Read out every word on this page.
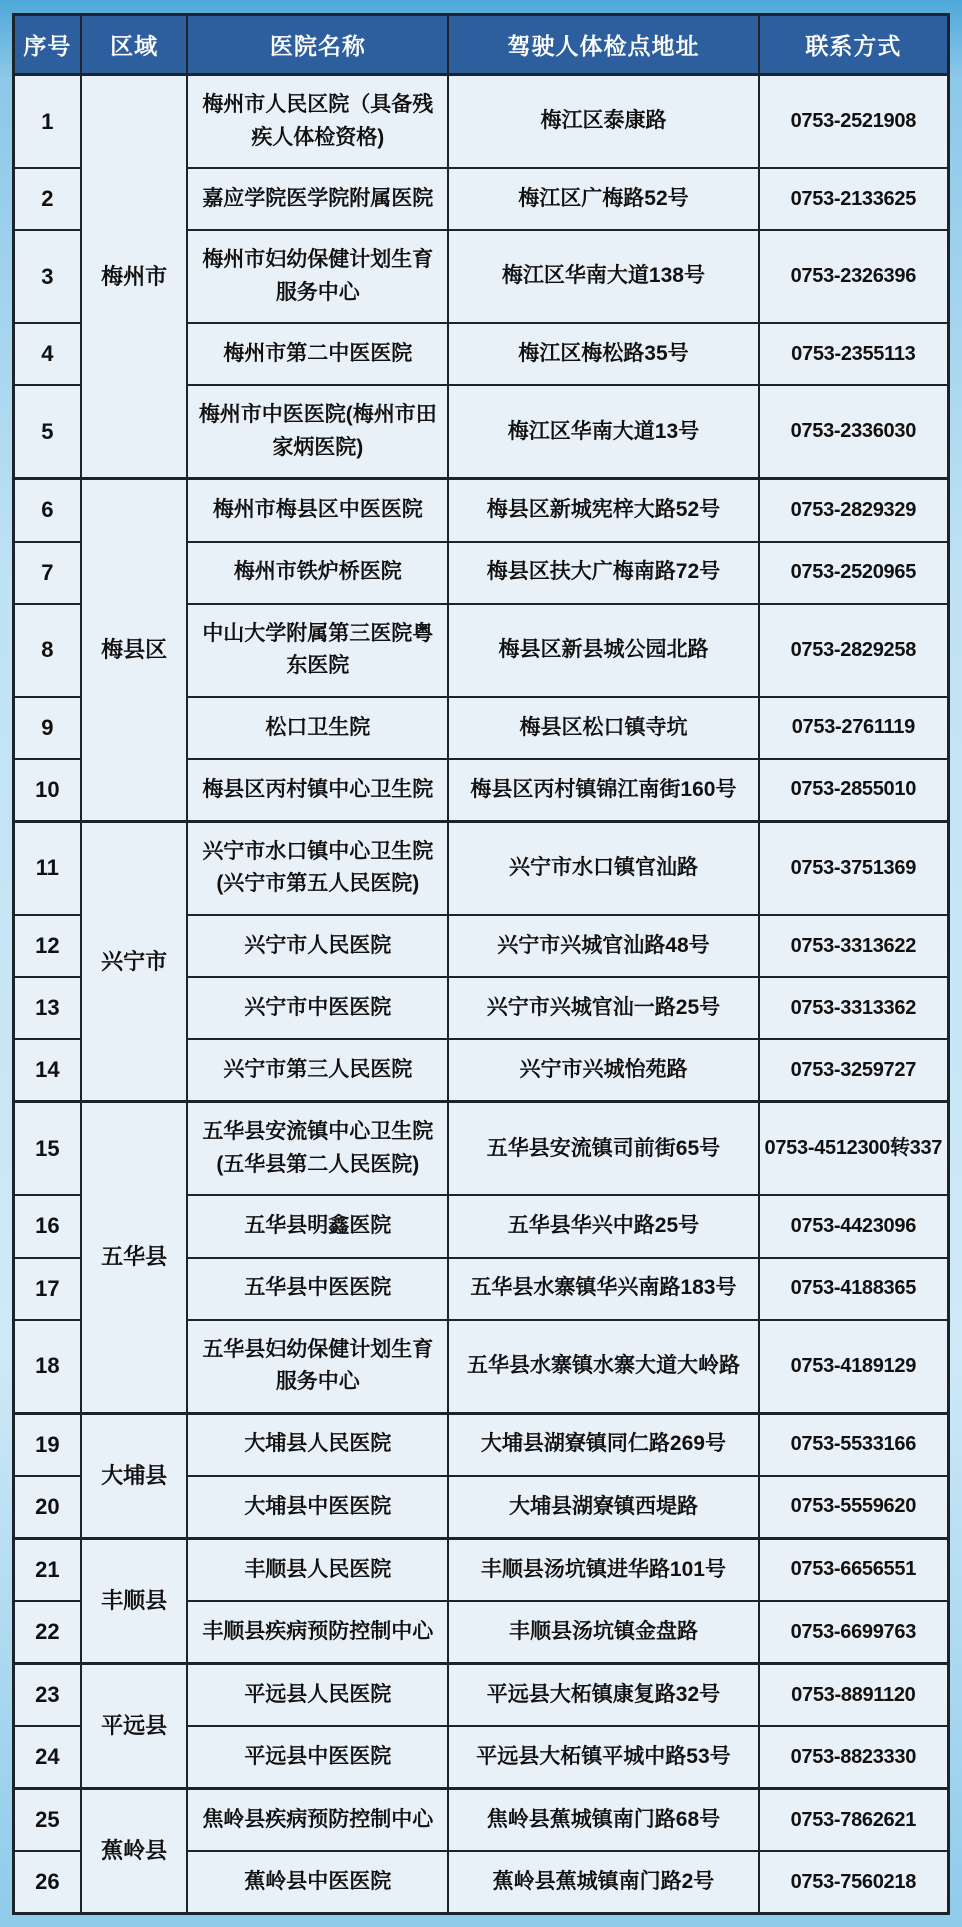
序号	区域	医院名称	驾驶人体检点地址	联系方式
1	梅州市	梅州市人民区院（具备残疾人体检资格)	梅江区泰康路	0753-2521908
2		嘉应学院医学院附属医院	梅江区广梅路52号	0753-2133625
3		梅州市妇幼保健计划生育服务中心	梅江区华南大道138号	0753-2326396
4		梅州市第二中医医院	梅江区梅松路35号	0753-2355113
5		梅州市中医医院(梅州市田家炳医院)	梅江区华南大道13号	0753-2336030
6	梅县区	梅州市梅县区中医医院	梅县区新城宪梓大路52号	0753-2829329
7		梅州市铁炉桥医院	梅县区扶大广梅南路72号	0753-2520965
8		中山大学附属第三医院粤东医院	梅县区新县城公园北路	0753-2829258
9		松口卫生院	梅县区松口镇寺坑	0753-2761119
10		梅县区丙村镇中心卫生院	梅县区丙村镇锦江南街160号	0753-2855010
11	兴宁市	兴宁市水口镇中心卫生院(兴宁市第五人民医院)	兴宁市水口镇官汕路	0753-3751369
12		兴宁市人民医院	兴宁市兴城官汕路48号	0753-3313622
13		兴宁市中医医院	兴宁市兴城官汕一路25号	0753-3313362
14		兴宁市第三人民医院	兴宁市兴城怡苑路	0753-3259727
15	五华县	五华县安流镇中心卫生院(五华县第二人民医院)	五华县安流镇司前街65号	0753-4512300转337
16		五华县明鑫医院	五华县华兴中路25号	0753-4423096
17		五华县中医医院	五华县水寨镇华兴南路183号	0753-4188365
18		五华县妇幼保健计划生育服务中心	五华县水寨镇水寨大道大岭路	0753-4189129
19	大埔县	大埔县人民医院	大埔县湖寮镇同仁路269号	0753-5533166
20		大埔县中医医院	大埔县湖寮镇西堤路	0753-5559620
21	丰顺县	丰顺县人民医院	丰顺县汤坑镇进华路101号	0753-6656551
22		丰顺县疾病预防控制中心	丰顺县汤坑镇金盘路	0753-6699763
23	平远县	平远县人民医院	平远县大柘镇康复路32号	0753-8891120
24		平远县中医医院	平远县大柘镇平城中路53号	0753-8823330
25	蕉岭县	焦岭县疾病预防控制中心	焦岭县蕉城镇南门路68号	0753-7862621
26		蕉岭县中医医院	蕉岭县蕉城镇南门路2号	0753-7560218
